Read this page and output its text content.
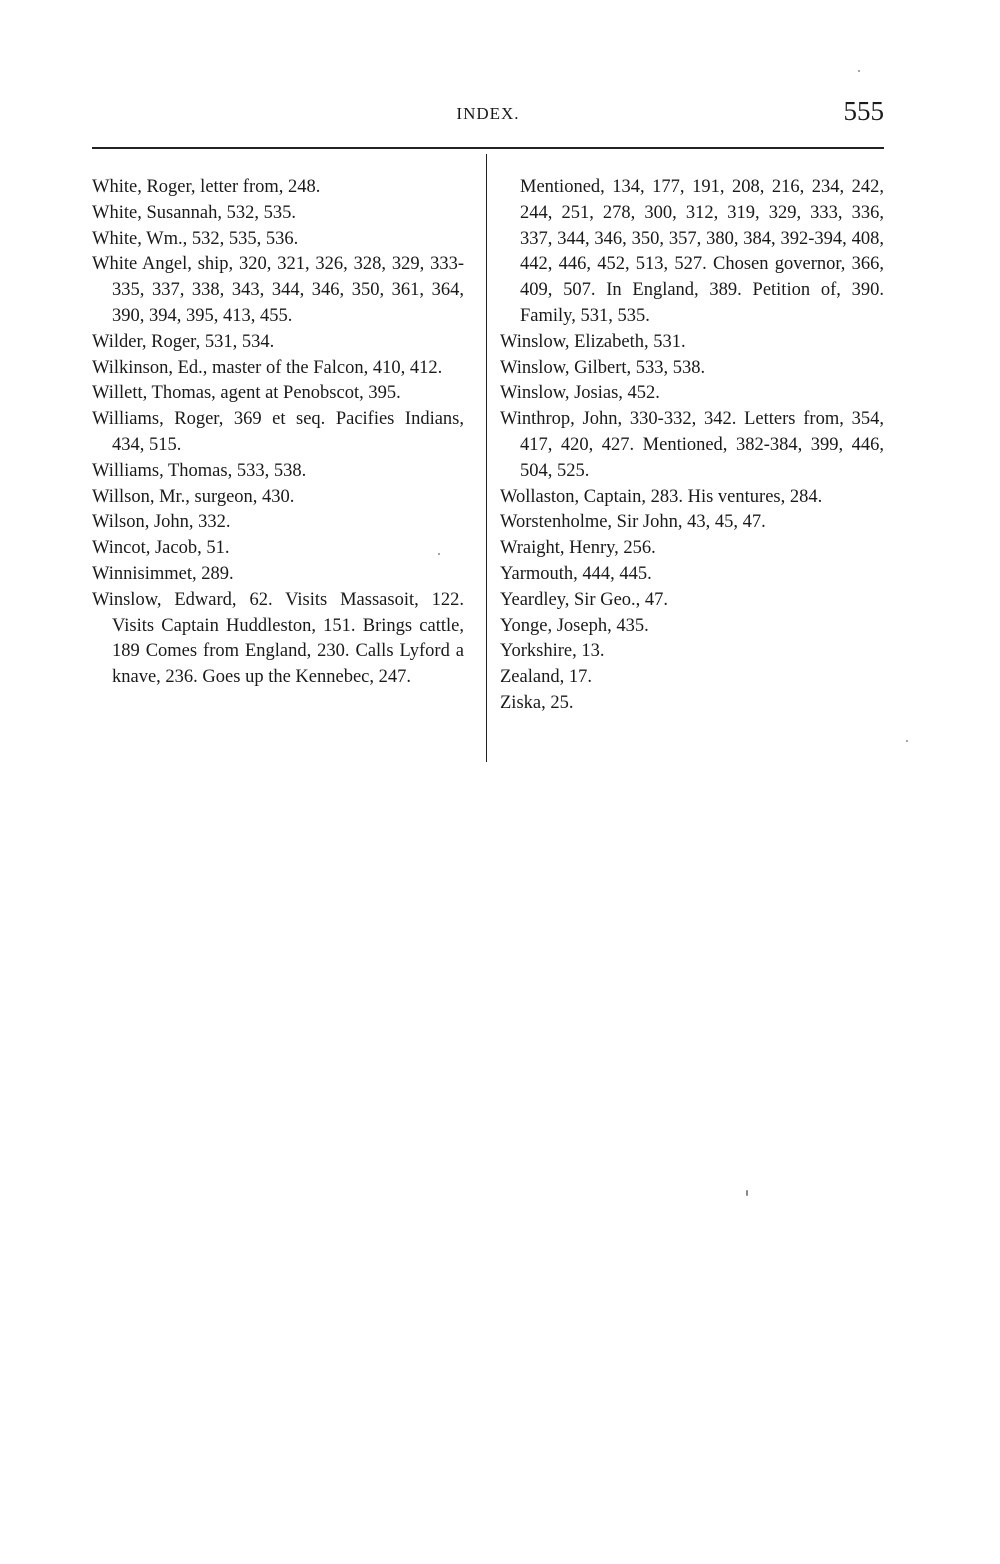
INDEX.	555

White, Roger, letter from, 248.

White, Susannah, 532, 535.

White, Wm., 532, 535, 536.

White Angel, ship, 320, 321, 326, 328, 329, 333-335, 337, 338, 343, 344, 346, 350, 361, 364, 390, 394, 395, 413, 455.

Wilder, Roger, 531, 534.

Wilkinson, Ed., master of the Falcon, 410, 412.

Willett, Thomas, agent at Penobscot, 395.

Williams, Roger, 369 et seq. Pacifies Indians, 434, 515.

Williams, Thomas, 533, 538.

Willson, Mr., surgeon, 430.

Wilson, John, 332.

Wincot, Jacob, 51.

Winnisimmet, 289.

Winslow, Edward, 62. Visits Massasoit, 122. Visits Captain Huddleston, 151. Brings cattle, 189 Comes from England, 230. Calls Lyford a knave, 236. Goes up the Kennebec, 247.

Mentioned, 134, 177, 191, 208, 216, 234, 242, 244, 251, 278, 300, 312, 319, 329, 333, 336, 337, 344, 346, 350, 357, 380, 384, 392-394, 408, 442, 446, 452, 513, 527. Chosen governor, 366, 409, 507. In England, 389. Petition of, 390. Family, 531, 535.

Winslow, Elizabeth, 531.

Winslow, Gilbert, 533, 538.

Winslow, Josias, 452.

Winthrop, John, 330-332, 342. Letters from, 354, 417, 420, 427. Mentioned, 382-384, 399, 446, 504, 525.

Wollaston, Captain, 283. His ventures, 284.

Worstenholme, Sir John, 43, 45, 47.

Wraight, Henry, 256.

Yarmouth, 444, 445.

Yeardley, Sir Geo., 47.

Yonge, Joseph, 435.

Yorkshire, 13.

Zealand, 17.

Ziska, 25.
